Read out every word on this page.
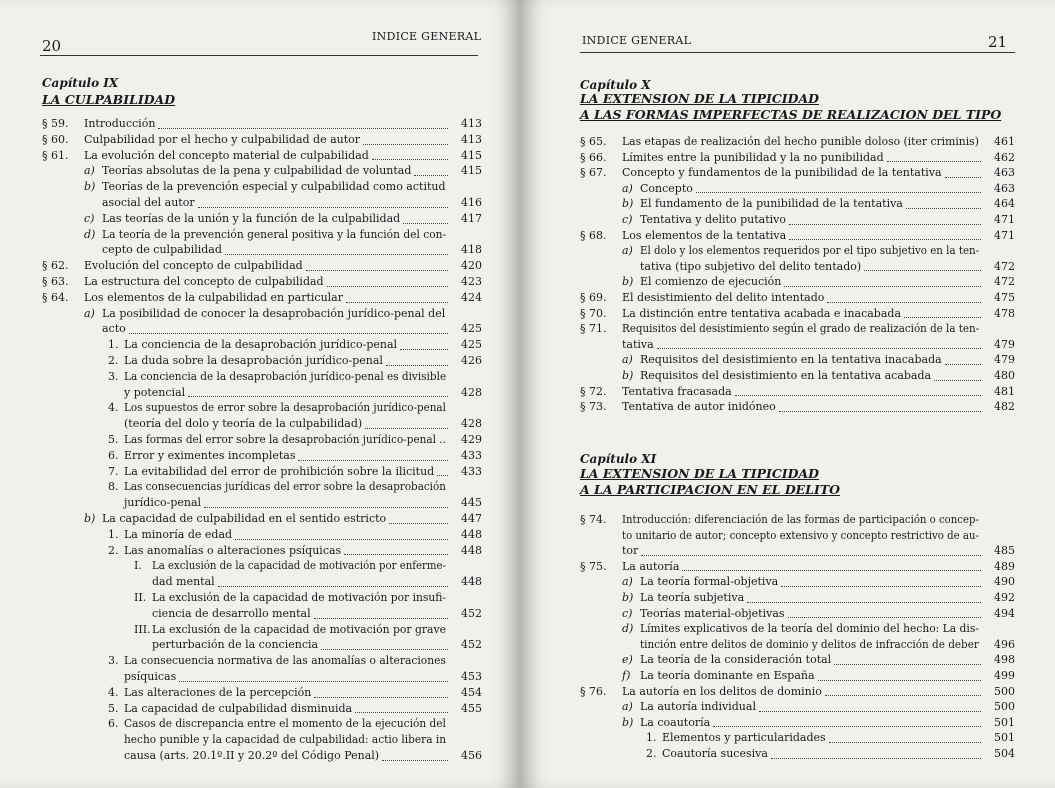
20
INDICE GENERAL
Capítulo IX
LA CULPABILIDAD
§ 59. Introducción	413
§ 60. Culpabilidad por el hecho y culpabilidad de autor	413
§ 61. La evolución del concepto material de culpabilidad	415
a) Teorías absolutas de la pena y culpabilidad de voluntad	415
b) Teorías de la prevención especial y culpabilidad como actitud
asocial del autor	416
c) Las teorías de la unión y la función de la culpabilidad	417
d) La teoría de la prevención general positiva y la función del con-
cepto de culpabilidad	418
§ 62. Evolución del concepto de culpabilidad	420
§ 63. La estructura del concepto de culpabilidad	423
§ 64. Los elementos de la culpabilidad en particular	424
a) La posibilidad de conocer la desaprobación jurídico-penal del
acto	425
1. La conciencia de la desaprobación jurídico-penal	425
2. La duda sobre la desaprobación jurídico-penal	426
3. La conciencia de la desaprobación jurídico-penal es divisible
y potencial	428
4. Los supuestos de error sobre la desaprobación jurídico-penal
(teoría del dolo y teoría de la culpabilidad)	428
5. Las formas del error sobre la desaprobación jurídico-penal .. 429
6. Error y eximentes incompletas	433
7. La evitabilidad del error de prohibición sobre la ilicitud 433
8. Las consecuencias jurídicas del error sobre la desaprobación
jurídico-penal	445
b) La capacidad de culpabilidad en el sentido estricto	447
1. La minoría de edad	448
2. Las anomalías o alteraciones psíquicas	448
I. La exclusión de la capacidad de motivación por enferme-
dad mental	448
II. La exclusión de la capacidad de motivación por insufi-
ciencia de desarrollo mental	452
III. La exclusión de la capacidad de motivación por grave
perturbación de la conciencia	452
3. La consecuencia normativa de las anomalías o alteraciones
psíquicas	453
4. Las alteraciones de la percepción	454
5. La capacidad de culpabilidad disminuida	455
6. Casos de discrepancia entre el momento de la ejecución del
hecho punible y la capacidad de culpabilidad: actio libera in
causa (arts. 20.1º.II y 20.2º del Código Penal)	456
INDICE GENERAL	21
Capítulo X
LA EXTENSION DE LA TIPICIDAD
A LAS FORMAS IMPERFECTAS DE REALIZACION DEL TIPO
§ 65. Las etapas de realización del hecho punible doloso (iter criminis) 461
§ 66. Límites entre la punibilidad y la no punibilidad	462
§ 67. Concepto y fundamentos de la punibilidad de la tentativa	463
a) Concepto	463
b) El fundamento de la punibilidad de la tentativa	464
c) Tentativa y delito putativo	471
§ 68. Los elementos de la tentativa	471
a) El dolo y los elementos requeridos por el tipo subjetivo en la ten-
tativa (tipo subjetivo del delito tentado)	472
b) El comienzo de ejecución	472
§ 69. El desistimiento del delito intentado	475
§ 70. La distinción entre tentativa acabada e inacabada	478
§ 71. Requisitos del desistimiento según el grado de realización de la ten-
tativa	479
a) Requisitos del desistimiento en la tentativa inacabada	479
b) Requisitos del desistimiento en la tentativa acabada	480
§ 72. Tentativa fracasada	481
§ 73. Tentativa de autor inidóneo	482
Capítulo XI
LA EXTENSION DE LA TIPICIDAD
A LA PARTICIPACION EN EL DELITO
§ 74. Introducción: diferenciación de las formas de participación o concep-
to unitario de autor; concepto extensivo y concepto restrictivo de au-
tor	485
§ 75. La autoría	489
a) La teoría formal-objetiva	490
b) La teoría subjetiva	492
c) Teorías material-objetivas	494
d) Límites explicativos de la teoría del dominio del hecho: La dis-
tinción entre delitos de dominio y delitos de infracción de deber 496
e) La teoría de la consideración total	498
f) La teoría dominante en España	499
§ 76. La autoría en los delitos de dominio	500
a) La autoría individual	500
b) La coautoría	501
1. Elementos y particularidades	501
2. Coautoría sucesiva	504
